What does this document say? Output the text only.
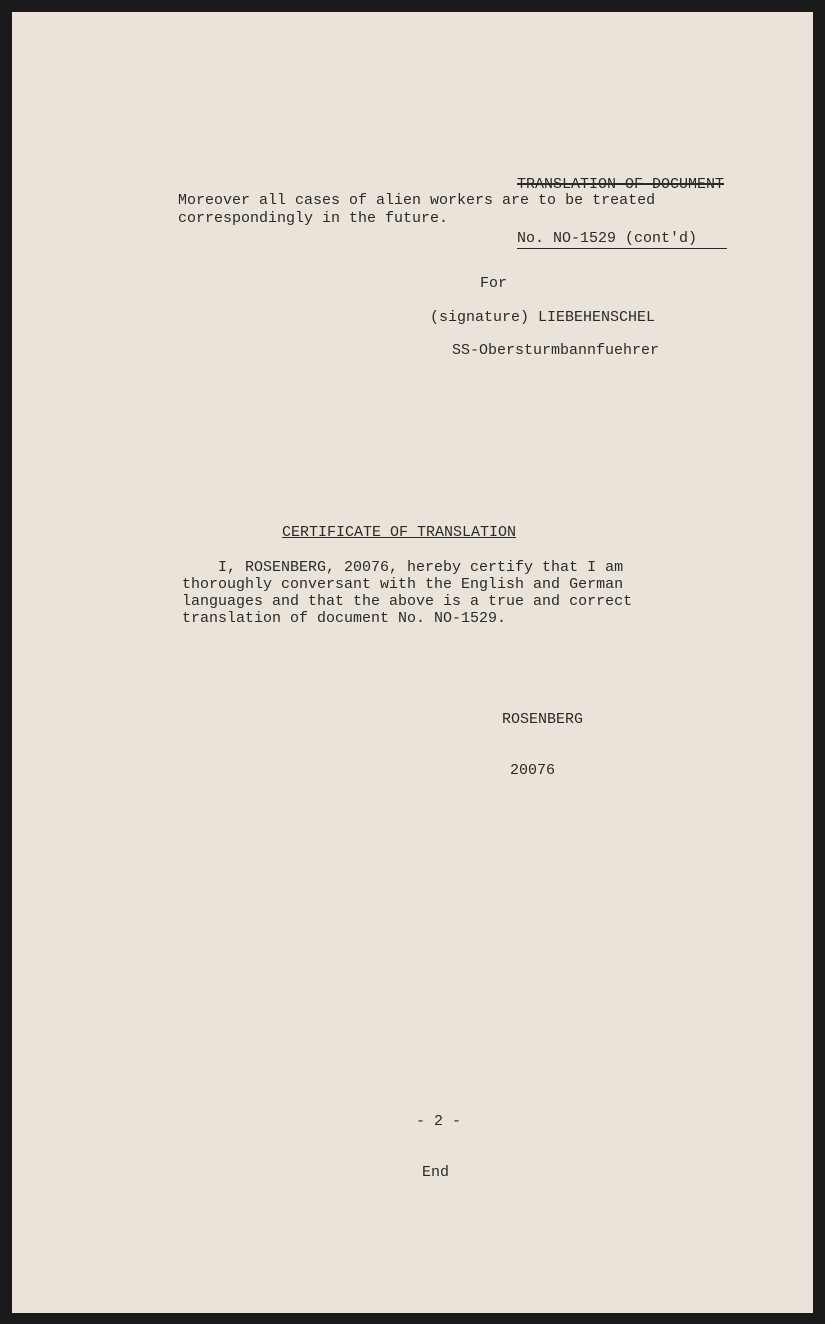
TRANSLATION OF DOCUMENT

No. NO-1529 (cont'd)

Moreover all cases of alien workers are to be treated
correspondingly in the future.
For
(signature) LIEBEHENSCHEL
SS-Obersturmbannfuehrer
CERTIFICATE OF TRANSLATION
I, ROSENBERG, 20076, hereby certify that I am
thoroughly conversant with the English and German
languages and that the above is a true and correct
translation of document No. NO-1529.

ROSENBERG

20076

- 2 -

End
